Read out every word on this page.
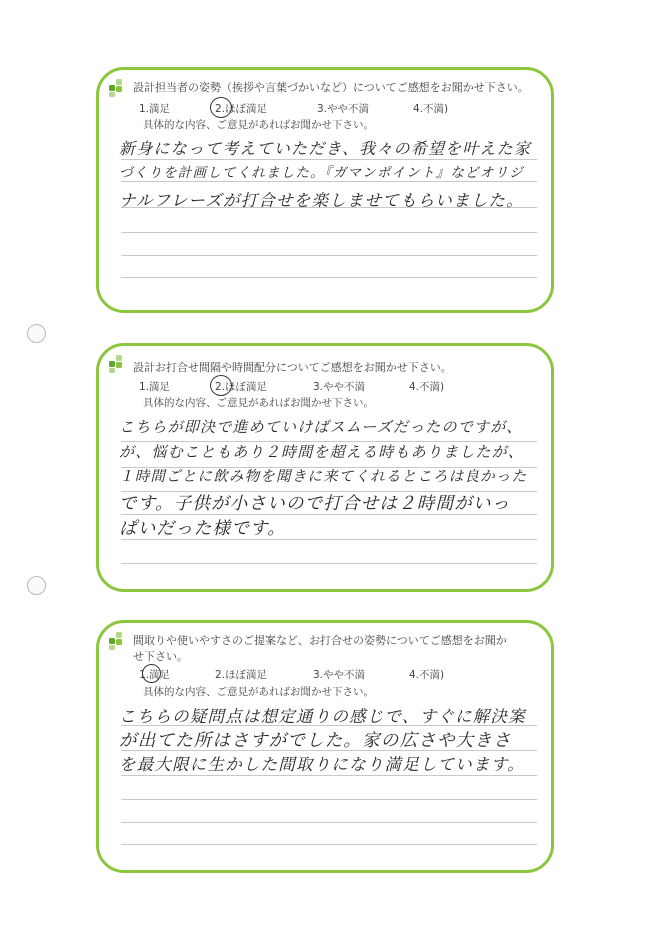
設計担当者の姿勢（挨拶や言葉づかいなど）についてご感想をお聞かせ下さい。
1.満足	2.ほぼ満足	3.やや不満	4.不満)
具体的な内容、ご意見があればお聞かせ下さい。
新身になって考えていただき、我々の希望を叶えた家
づくりを計画してくれました。『ガマンポイント』などオリジ
ナルフレーズが打合せを楽しませてもらいました。
設計お打合せ間隔や時間配分についてご感想をお聞かせ下さい。
1.満足	2.ほぼ満足	3.やや不満	4.不満)
具体的な内容、ご意見があればお聞かせ下さい。
こちらが即決で進めていけばスムーズだったのですが、
が、悩むこともあり２時間を超える時もありましたが、
１時間ごとに飲み物を聞きに来てくれるところは良かった
です。子供が小さいので打合せは２時間がいっ
ぱいだった様です。
間取りや使いやすさのご提案など、お打合せの姿勢についてご感想をお聞か
せ下さい。
1.満足	2.ほぼ満足	3.やや不満	4.不満)
具体的な内容、ご意見があればお聞かせ下さい。
こちらの疑問点は想定通りの感じで、すぐに解決案
が出てた所はさすがでした。家の広さや大きさ
を最大限に生かした間取りになり満足しています。
